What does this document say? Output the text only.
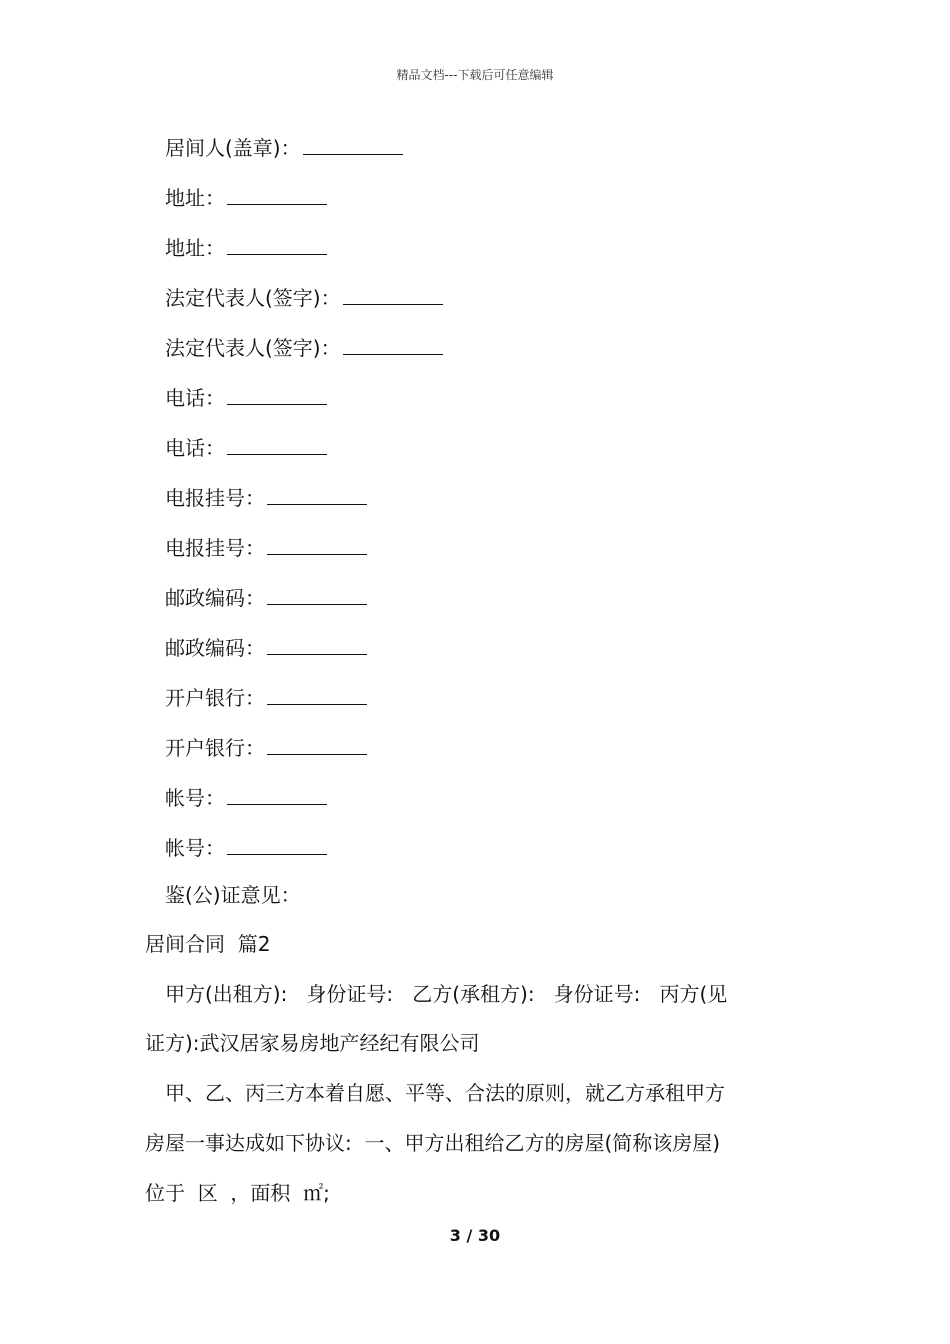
精品文档---下载后可任意编辑
居间人(盖章)：
地址：
地址：
法定代表人(签字)：
法定代表人(签字)：
电话：
电话：
电报挂号：
电报挂号：
邮政编码：
邮政编码：
开户银行：
开户银行：
帐号：
帐号：
鉴(公)证意见：
居间合同  篇2
甲方(出租方):   身份证号:   乙方(承租方):   身份证号:   丙方(见
证方):武汉居家易房地产经纪有限公司
甲、乙、丙三方本着自愿、平等、合法的原则，就乙方承租甲方
房屋一事达成如下协议:  一、甲方出租给乙方的房屋(简称该房屋)
位于  区  ，面积  ㎡;
3 / 30
